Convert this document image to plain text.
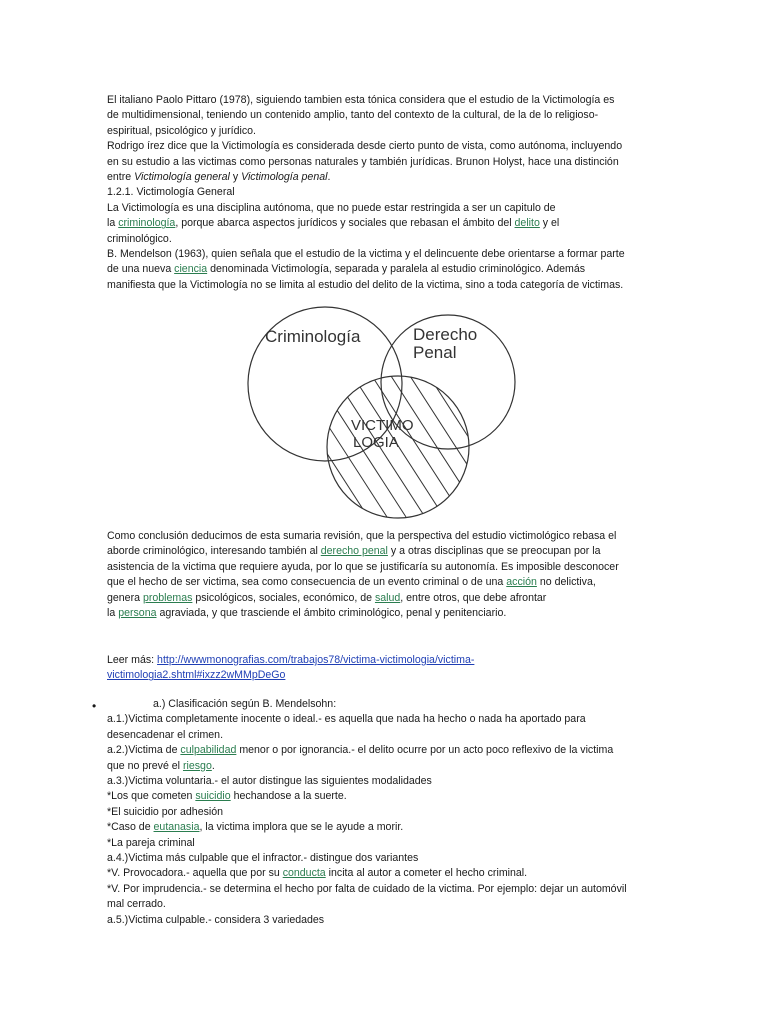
El italiano Paolo Pittaro (1978), siguiendo tambien esta tónica considera que el estudio de la Victimología es

de multidimensional, teniendo un contenido amplio, tanto del contexto de la cultural, de la de lo religioso-

espiritual, psicológico y jurídico.

Rodrigo írez dice que la Victimología es considerada desde cierto punto de vista, como autónoma, incluyendo

en su estudio a las victimas como personas naturales y también jurídicas. Brunon Holyst, hace una distinción

entre Victimología general y Victimología penal.

1.2.1. Victimología General

La Victimología es una disciplina autónoma, que no puede estar restringida a ser un capitulo de

la criminología, porque abarca aspectos jurídicos y sociales que rebasan el ámbito del delito y el

criminológico.

B. Mendelson (1963), quien señala que el estudio de la victima y el delincuente debe orientarse a formar parte

de una nueva ciencia denominada Victimología, separada y paralela al estudio criminológico. Además

manifiesta que la Victimología no se limita al estudio del delito de la victima, sino a toda categoría de victimas.

Criminología	Derecho
Penal
VICTIMO
LOGIA

Como conclusión deducimos de esta sumaria revisión, que la perspectiva del estudio victimológico rebasa el

aborde criminológico, interesando también al derecho penal y a otras disciplinas que se preocupan por la

asistencia de la victima que requiere ayuda, por lo que se justificaría su autonomía. Es imposible desconocer

que el hecho de ser victima, sea como consecuencia de un evento criminal o de una acción no delictiva,

genera problemas psicológicos, sociales, económico, de salud, entre otros, que debe afrontar

la persona agraviada, y que trasciende el ámbito criminológico, penal y penitenciario.

Leer más: http://wwwmonografias.com/trabajos78/victima-victimologia/victima-

victimologia2.shtml#ixzz2wMMpDeGo

•	a.) Clasificación según B. Mendelsohn:

a.1.)Victima completamente inocente o ideal.- es aquella que nada ha hecho o nada ha aportado para

desencadenar el crimen.

a.2.)Victima de culpabilidad menor o por ignorancia.- el delito ocurre por un acto poco reflexivo de la victima

que no prevé el riesgo.

a.3.)Victima voluntaria.- el autor distingue las siguientes modalidades

*Los que cometen suicidio hechandose a la suerte.

*El suicidio por adhesión

*Caso de eutanasia, la victima implora que se le ayude a morir.

*La pareja criminal

a.4.)Victima más culpable que el infractor.- distingue dos variantes

*V. Provocadora.- aquella que por su conducta incita al autor a cometer el hecho criminal.

*V. Por imprudencia.- se determina el hecho por falta de cuidado de la victima. Por ejemplo: dejar un automóvil

mal cerrado.

a.5.)Victima culpable.- considera 3 variedades
